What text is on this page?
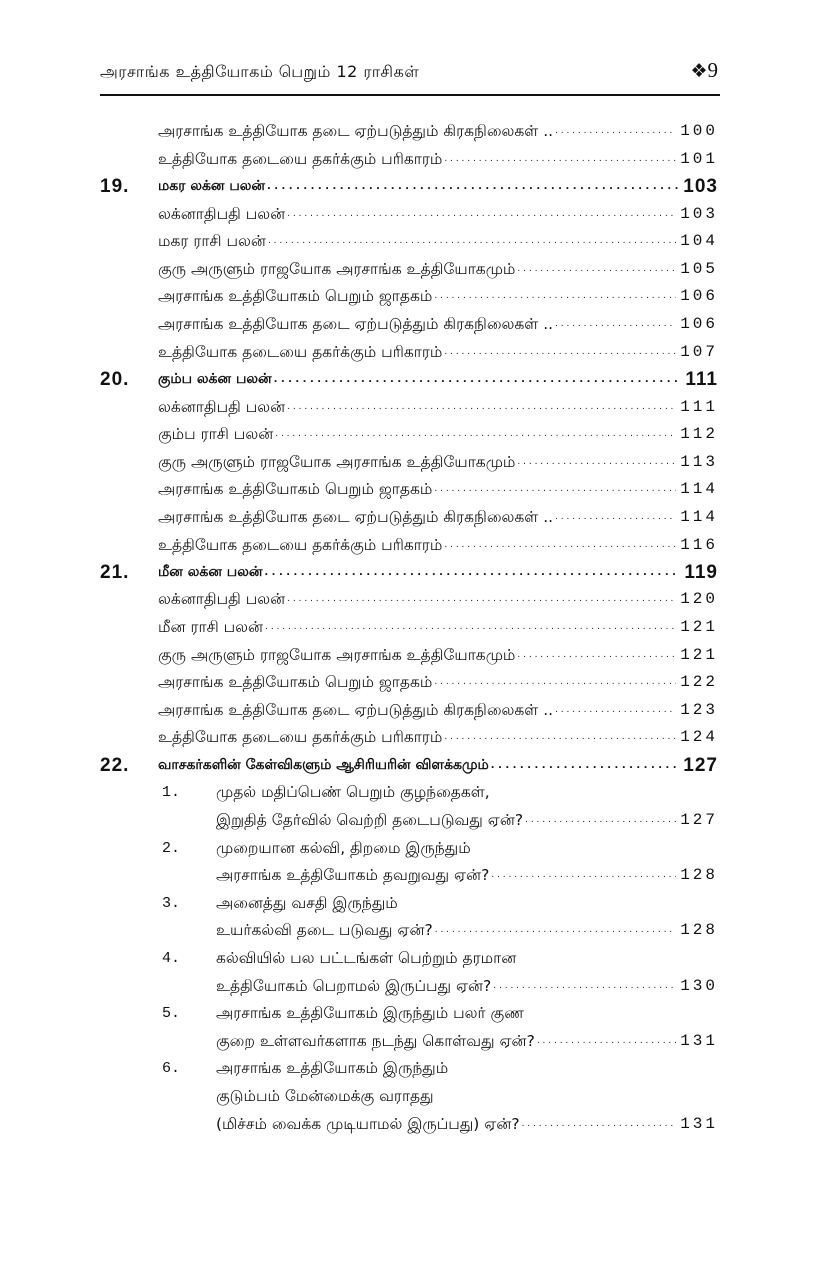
அரசாங்க உத்தியோகம் பெறும் 12 ராசிகள்	❖9
அரசாங்க உத்தியோக தடை ஏற்படுத்தும் கிரகநிலைகள் .. . . .	100
உத்தியோக தடையை தகர்க்கும் பரிகாரம் . . .	101
19. மகர லக்ன பலன் . . .	103
லக்னாதிபதி பலன் . . .	103
மகர ராசி பலன் . . .	104
குரு அருளும் ராஜயோக அரசாங்க உத்தியோகமும் . . .	105
அரசாங்க உத்தியோகம் பெறும் ஜாதகம் . . .	106
அரசாங்க உத்தியோக தடை ஏற்படுத்தும் கிரகநிலைகள் .. . . .	106
உத்தியோக தடையை தகர்க்கும் பரிகாரம் . . .	107
20. கும்ப லக்ன பலன் . . .	111
லக்னாதிபதி பலன் . . .	111
கும்ப ராசி பலன் . . .	112
குரு அருளும் ராஜயோக அரசாங்க உத்தியோகமும் . . .	113
அரசாங்க உத்தியோகம் பெறும் ஜாதகம் . . .	114
அரசாங்க உத்தியோக தடை ஏற்படுத்தும் கிரகநிலைகள் .. . . .	114
உத்தியோக தடையை தகர்க்கும் பரிகாரம் . . .	116
21. மீன லக்ன பலன் . . .	119
லக்னாதிபதி பலன் . . .	120
மீன ராசி பலன் . . .	121
குரு அருளும் ராஜயோக அரசாங்க உத்தியோகமும் . . .	121
அரசாங்க உத்தியோகம் பெறும் ஜாதகம் . . .	122
அரசாங்க உத்தியோக தடை ஏற்படுத்தும் கிரகநிலைகள் .. . . .	123
உத்தியோக தடையை தகர்க்கும் பரிகாரம் . . .	124
22. வாசகர்களின் கேள்விகளும் ஆசிரியரின் விளக்கமும் . . .	127
1. முதல் மதிப்பெண் பெறும் குழந்தைகள்,
இறுதித் தேர்வில் வெற்றி தடைபடுவது ஏன்? . . .	127
2. முறையான கல்வி, திறமை இருந்தும்
அரசாங்க உத்தியோகம் தவறுவது ஏன்? . . .	128
3. அனைத்து வசதி இருந்தும்
உயர்கல்வி தடை படுவது ஏன்? . . .	128
4. கல்வியில் பல பட்டங்கள் பெற்றும் தரமான
உத்தியோகம் பெறாமல் இருப்பது ஏன்? . . .	130
5. அரசாங்க உத்தியோகம் இருந்தும் பலர் குண
குறை உள்ளவர்களாக நடந்து கொள்வது ஏன்? . . .	131
6. அரசாங்க உத்தியோகம் இருந்தும்
குடும்பம் மேன்மைக்கு வராதது
(மிச்சம் வைக்க முடியாமல் இருப்பது) ஏன்? . . .	131
